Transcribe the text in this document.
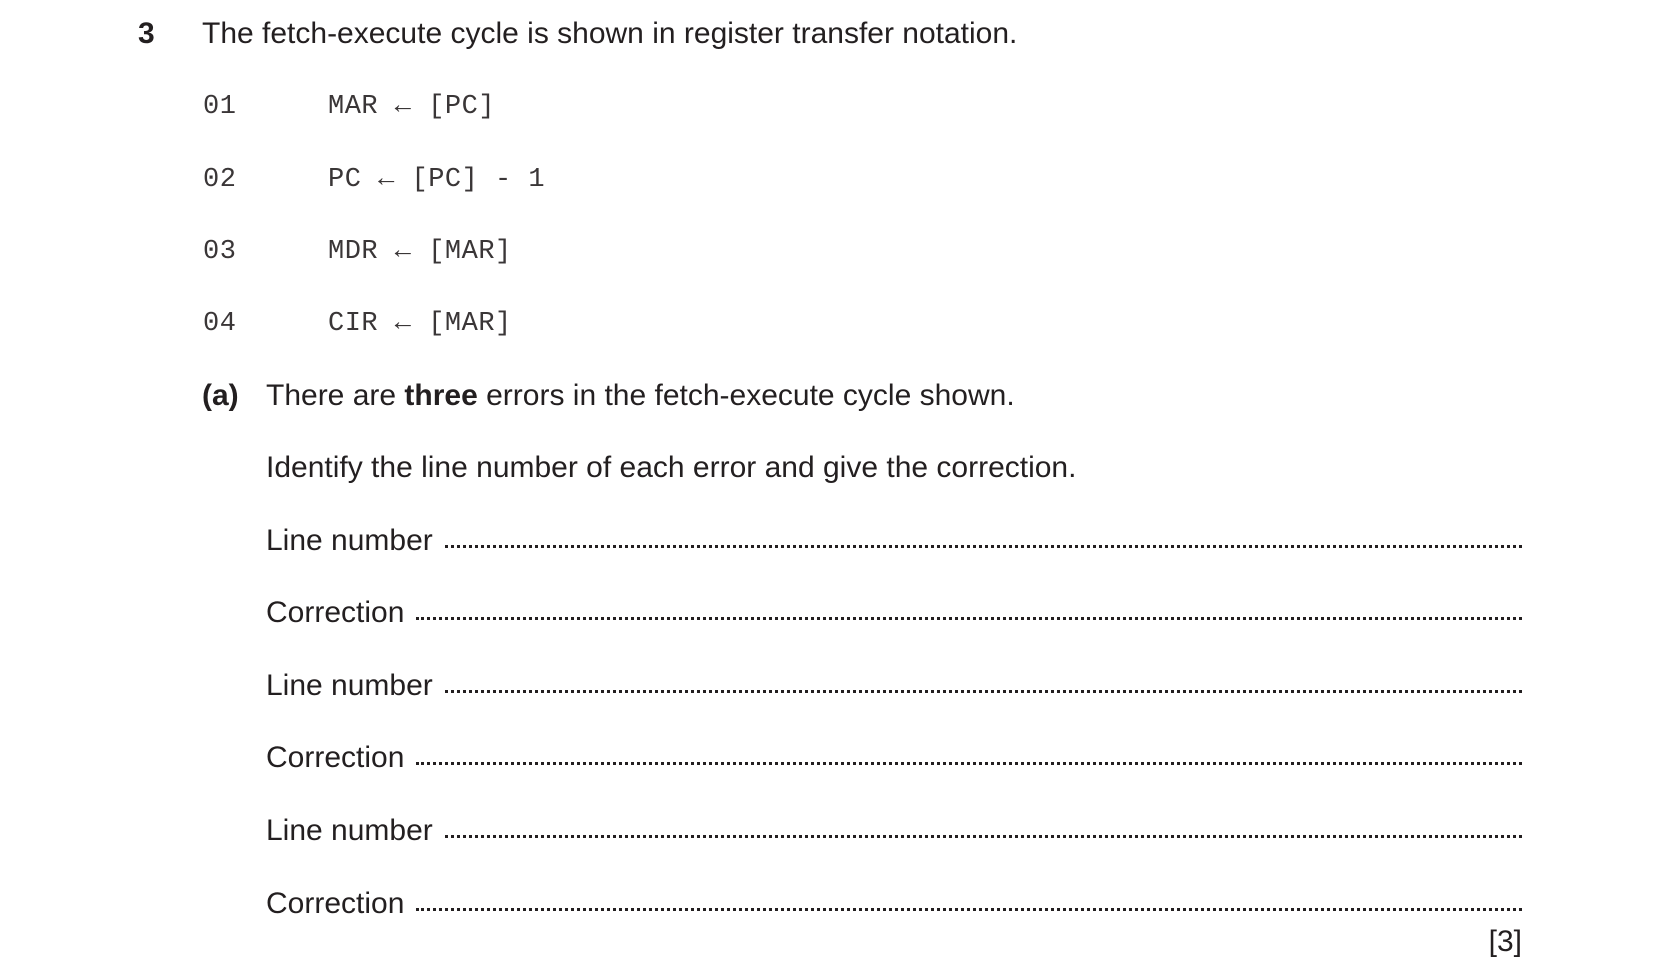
3 The fetch-execute cycle is shown in register transfer notation.
01	MAR ← [PC]
02	PC ← [PC] - 1
03	MDR ← [MAR]
04	CIR ← [MAR]
(a) There are three errors in the fetch-execute cycle shown.
Identify the line number of each error and give the correction.
Line number
Correction
Line number
Correction
Line number
Correction
[3]
